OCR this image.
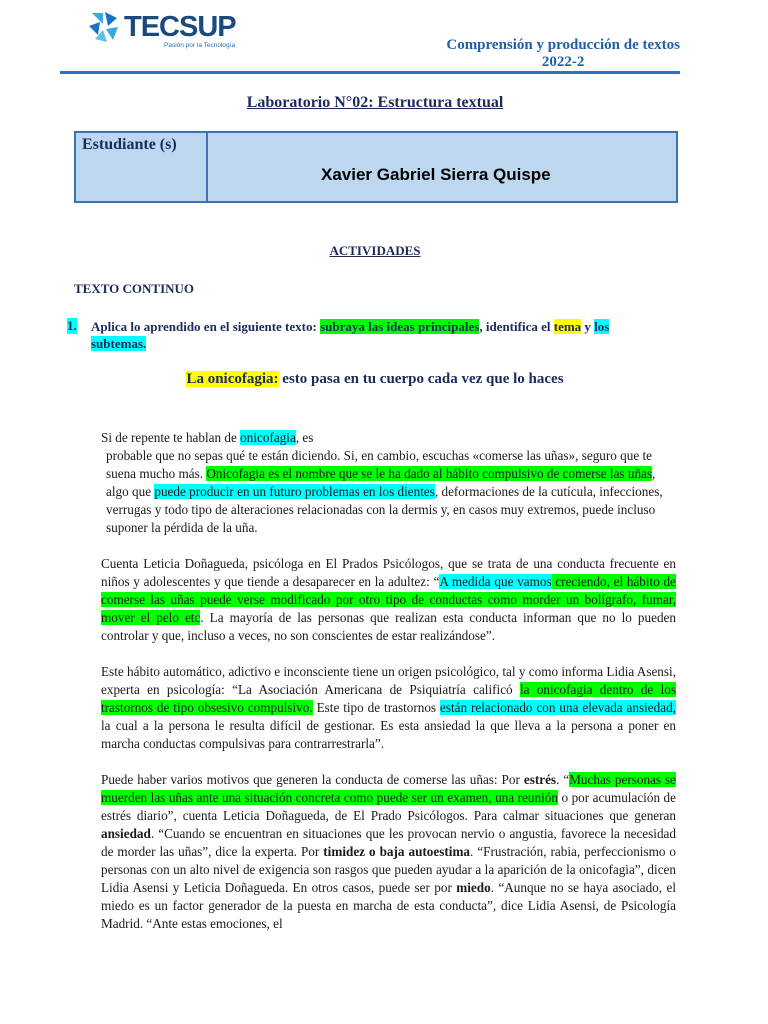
TECSUP
Pasión por la Tecnología	Comprensión y producción de textos
2022-2
Laboratorio N°02: Estructura textual
Estudiante (s)	Xavier Gabriel Sierra Quispe
ACTIVIDADES
TEXTO CONTINUO
1. Aplica lo aprendido en el siguiente texto: subraya las ideas principales, identifica el tema y los
subtemas.
La onicofagia: esto pasa en tu cuerpo cada vez que lo haces

Si de repente te hablan de onicofagia, es
probable que no sepas qué te están diciendo. Si, en cambio, escuchas «comerse las uñas», seguro que te suena mucho más. Onicofagia es el nombre que se le ha dado al hábito compulsivo de comerse las uñas, algo que puede producir en un futuro problemas en los dientes, deformaciones de la cutícula, infecciones, verrugas y todo tipo de alteraciones relacionadas con la dermis y, en casos muy extremos, puede incluso suponer la pérdida de la uña.

Cuenta Leticia Doñagueda, psicóloga en El Prados Psicólogos, que se trata de una conducta frecuente en niños y adolescentes y que tiende a desaparecer en la adultez: “A medida que vamos creciendo, el hábito de comerse las uñas puede verse modificado por otro tipo de conductas como morder un bolígrafo, fumar, mover el pelo etc. La mayoría de las personas que realizan esta conducta informan que no lo pueden controlar y que, incluso a veces, no son conscientes de estar realizándose”.

Este hábito automático, adictivo e inconsciente tiene un origen psicológico, tal y como informa Lidia Asensi, experta en psicología: “La Asociación Americana de Psiquiatría calificó la onicofagia dentro de los trastornos de tipo obsesivo compulsivo. Este tipo de trastornos están relacionado con una elevada ansiedad, la cual a la persona le resulta difícil de gestionar. Es esta ansiedad la que lleva a la persona a poner en marcha conductas compulsivas para contrarrestrarla”.

Puede haber varios motivos que generen la conducta de comerse las uñas: Por estrés. “Muchas personas se muerden las uñas ante una situación concreta como puede ser un examen, una reunión o por acumulación de estrés diario”, cuenta Leticia Doñagueda, de El Prado Psicólogos. Para calmar situaciones que generan ansiedad. “Cuando se encuentran en situaciones que les provocan nervio o angustia, favorece la necesidad de morder las uñas”, dice la experta. Por timidez o baja autoestima. “Frustración, rabia, perfeccionismo o personas con un alto nivel de exigencia son rasgos que pueden ayudar a la aparición de la onicofagia”, dicen Lidia Asensi y Leticia Doñagueda. En otros casos, puede ser por miedo. “Aunque no se haya asociado, el miedo es un factor generador de la puesta en marcha de esta conducta”, dice Lidia Asensi, de Psicología Madrid. “Ante estas emociones, el
